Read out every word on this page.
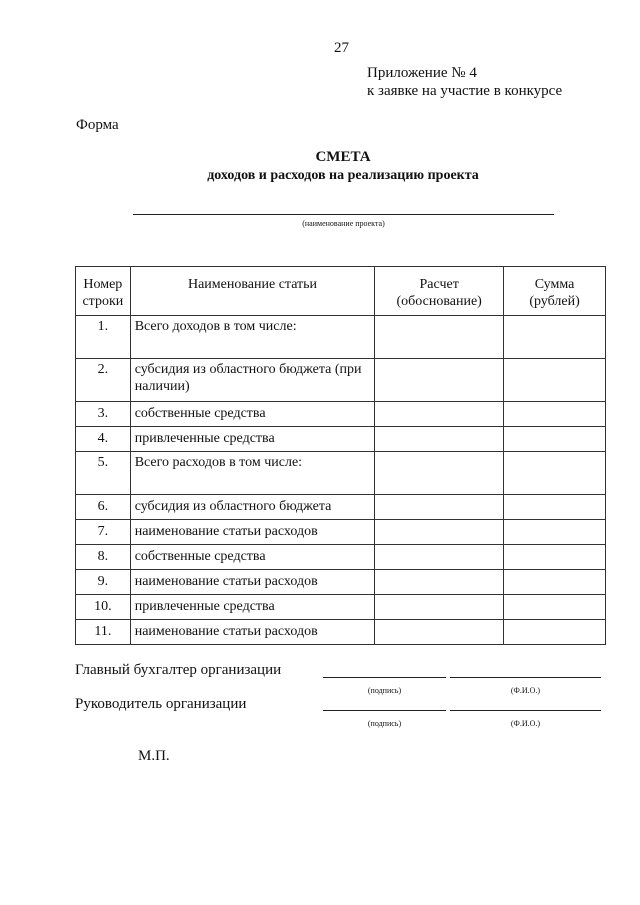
27
Приложение № 4
к заявке на участие в конкурсе
Форма
СМЕТА
доходов и расходов на реализацию проекта
(наименование проекта)
Номер строки	Наименование статьи	Расчет (обоснование)	Сумма (рублей)
1.	Всего доходов в том числе:		
2.	субсидия из областного бюджета (при наличии)		
3.	собственные средства		
4.	привлеченные средства		
5.	Всего расходов в том числе:		
6.	субсидия из областного бюджета		
7.	наименование статьи расходов		
8.	собственные средства		
9.	наименование статьи расходов		
10.	привлеченные средства		
11.	наименование статьи расходов		
Главный бухгалтер организации
(подпись)	(Ф.И.О.)
Руководитель организации
(подпись)	(Ф.И.О.)
М.П.
